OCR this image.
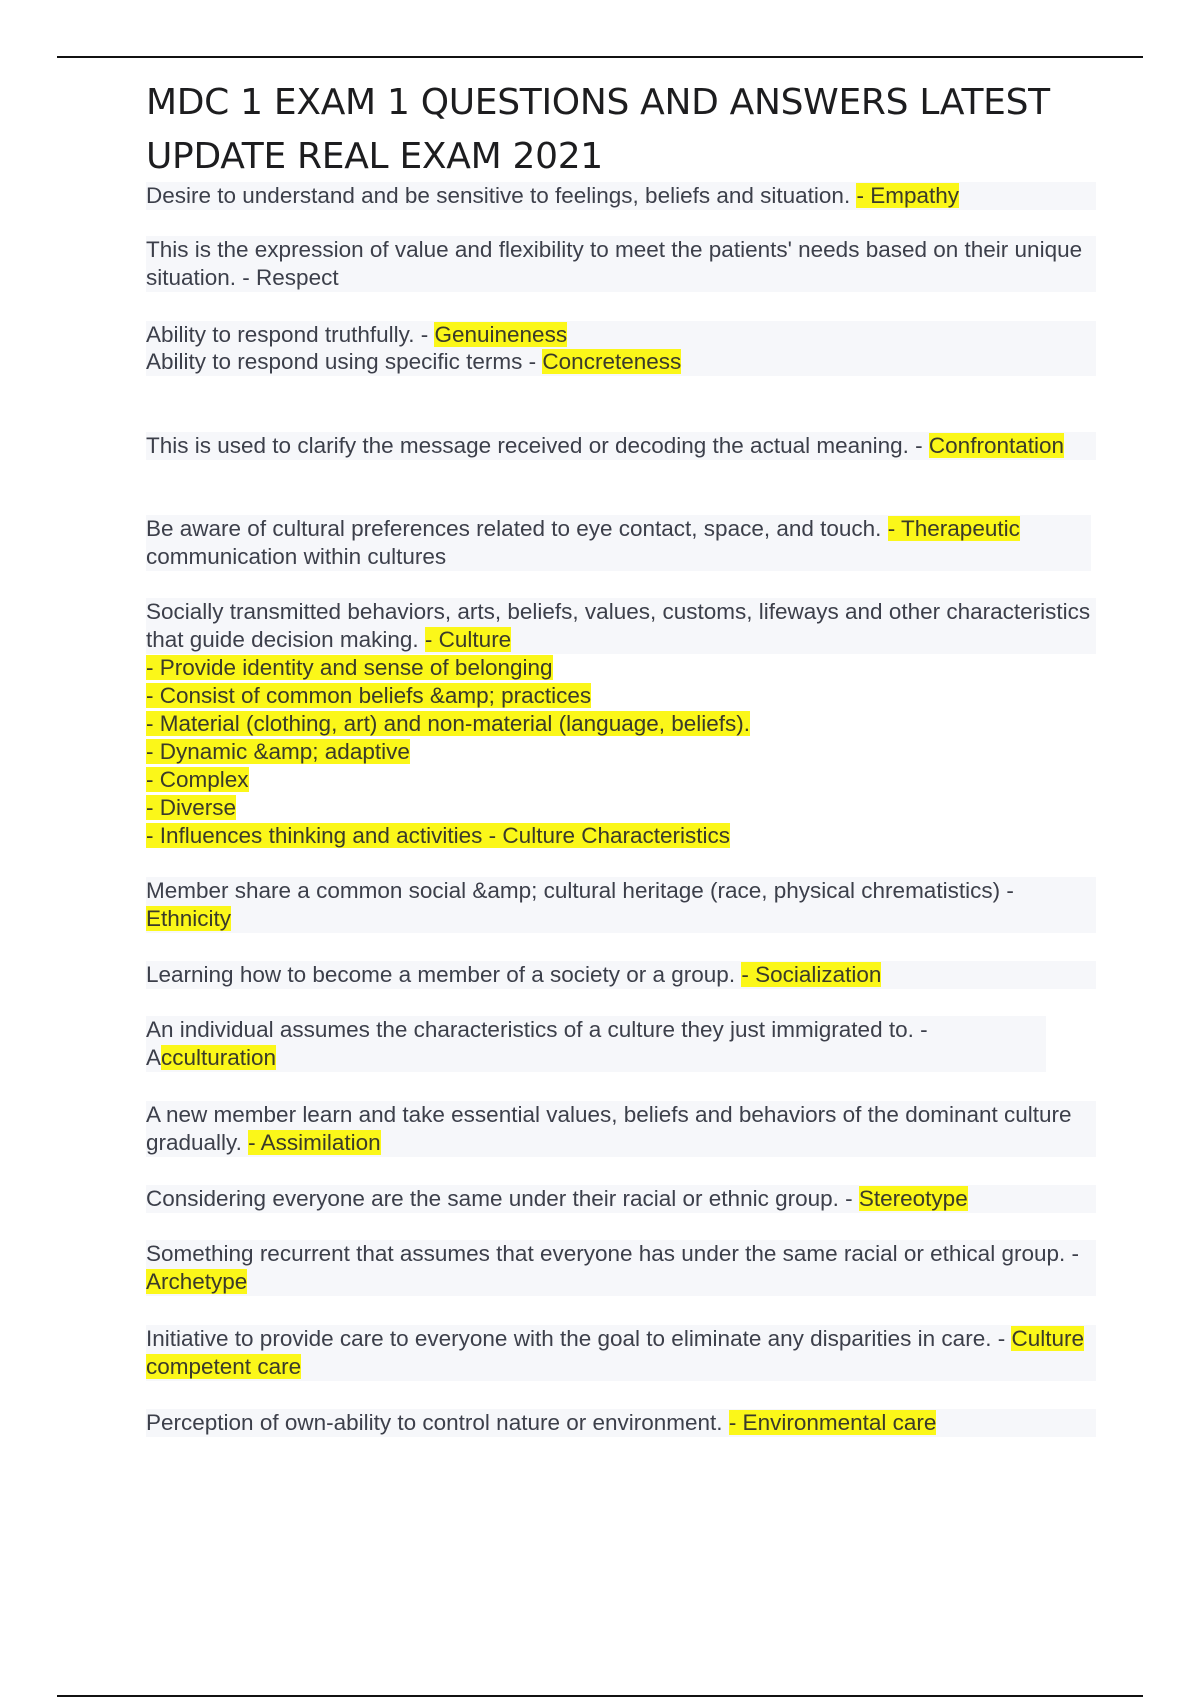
MDC 1 EXAM 1 QUESTIONS AND ANSWERS LATEST UPDATE REAL EXAM 2021

Desire to understand and be sensitive to feelings, beliefs and situation. - Empathy

This is the expression of value and flexibility to meet the patients' needs based on their unique situation. - Respect

Ability to respond truthfully. - Genuineness

Ability to respond using specific terms - Concreteness

This is used to clarify the message received or decoding the actual meaning. - Confrontation

Be aware of cultural preferences related to eye contact, space, and touch. - Therapeutic communication within cultures

Socially transmitted behaviors, arts, beliefs, values, customs, lifeways and other characteristics that guide decision making. - Culture

- Provide identity and sense of belonging
- Consist of common beliefs &amp; practices
- Material (clothing, art) and non-material (language, beliefs).
- Dynamic &amp; adaptive
- Complex
- Diverse
- Influences thinking and activities - Culture Characteristics

Member share a common social &amp; cultural heritage (race, physical chrematistics) - Ethnicity

Learning how to become a member of a society or a group. - Socialization

An individual assumes the characteristics of a culture they just immigrated to. - Acculturation

A new member learn and take essential values, beliefs and behaviors of the dominant culture gradually. - Assimilation

Considering everyone are the same under their racial or ethnic group. - Stereotype

Something recurrent that assumes that everyone has under the same racial or ethical group. - Archetype

Initiative to provide care to everyone with the goal to eliminate any disparities in care. - Culture competent care

Perception of own-ability to control nature or environment. - Environmental care
